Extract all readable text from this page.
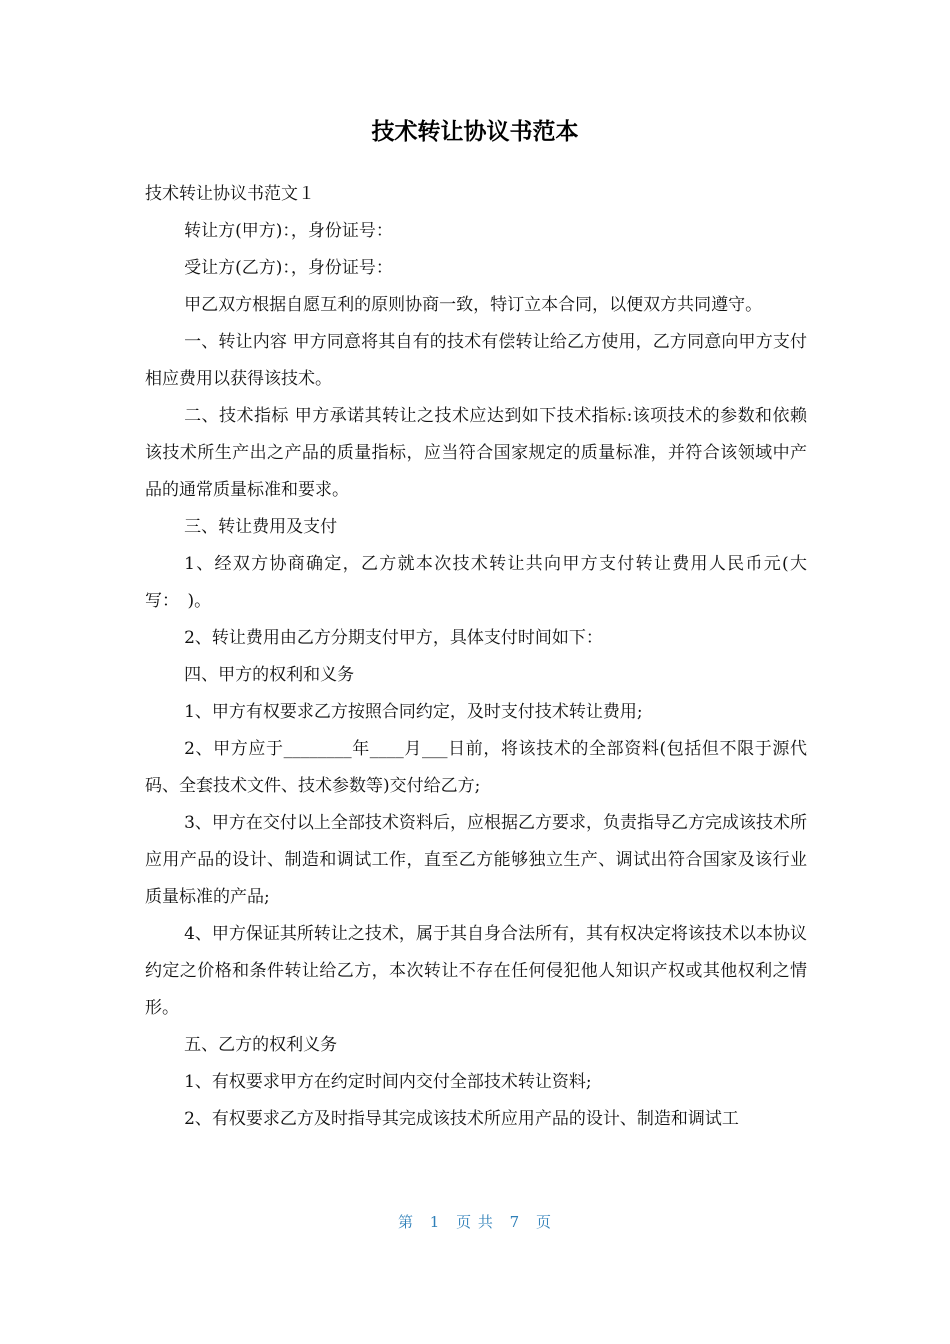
技术转让协议书范本

技术转让协议书范文１

转让方(甲方)：，身份证号：

受让方(乙方)：，身份证号：

甲乙双方根据自愿互利的原则协商一致，特订立本合同，以便双方共同遵守。

一、转让内容 甲方同意将其自有的技术有偿转让给乙方使用，乙方同意向甲方支付相应费用以获得该技术。

二、技术指标 甲方承诺其转让之技术应达到如下技术指标:该项技术的参数和依赖该技术所生产出之产品的质量指标，应当符合国家规定的质量标准，并符合该领域中产品的通常质量标准和要求。

三、转让费用及支付

1、经双方协商确定，乙方就本次技术转让共向甲方支付转让费用人民币元(大写：　)。

2、转让费用由乙方分期支付甲方，具体支付时间如下：

四、甲方的权利和义务

1、甲方有权要求乙方按照合同约定，及时支付技术转让费用;

2、甲方应于________年____月___日前，将该技术的全部资料(包括但不限于源代码、全套技术文件、技术参数等)交付给乙方;

3、甲方在交付以上全部技术资料后，应根据乙方要求，负责指导乙方完成该技术所应用产品的设计、制造和调试工作，直至乙方能够独立生产、调试出符合国家及该行业质量标准的产品;

4、甲方保证其所转让之技术，属于其自身合法所有，其有权决定将该技术以本协议约定之价格和条件转让给乙方，本次转让不存在任何侵犯他人知识产权或其他权利之情形。

五、乙方的权利义务

1、有权要求甲方在约定时间内交付全部技术转让资料;

2、有权要求乙方及时指导其完成该技术所应用产品的设计、制造和调试工

第 1 页 共 7 页
